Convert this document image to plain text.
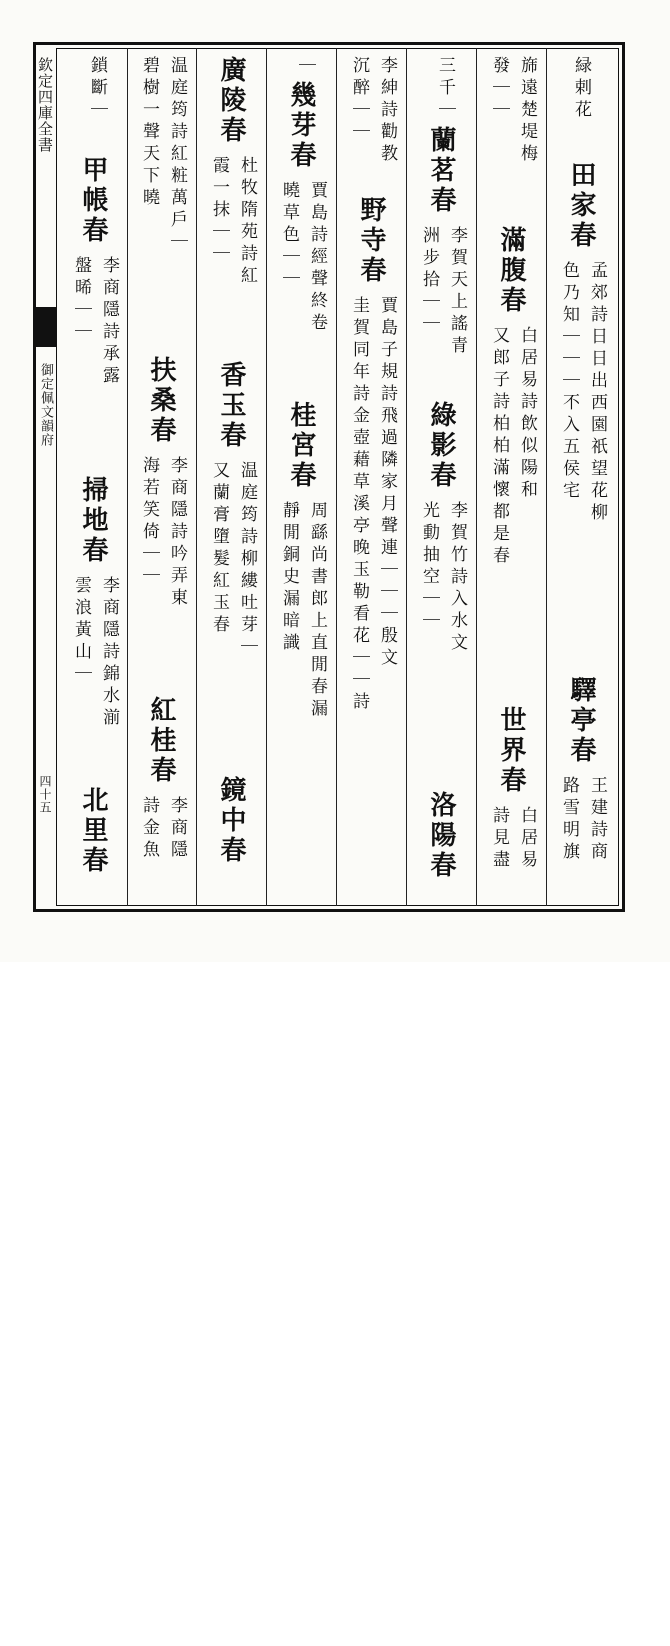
欽定四庫全書
御定佩文韻府
四十五
緑剌花
田家春
孟郊詩日日出西園祇望花柳
色乃知｜｜｜不入五侯宅
驛亭春
王建詩商
路雪明旗
旆遠楚堤梅
發｜｜
滿腹春
白居易詩飲似陽和
又郎子詩柏柏滿懷都是春
世界春
白居易
詩見盡
三千｜
蘭茗春
李賀天上謠青
洲步拾｜｜
綠影春
李賀竹詩入水文
光動抽空｜｜
洛陽春
李紳詩勸教
沉醉｜｜
野寺春
賈島子規詩飛過隣家月聲連｜｜｜殷文
圭賀同年詩金壺藉草溪亭晚玉勒看花｜｜詩
｜
幾芽春
賈島詩經聲終卷
曉草色｜｜
桂宮春
周繇尚書郎上直閒春漏
靜閒銅史漏暗識
廣陵春
杜牧隋苑詩紅
霞一抹｜｜
香玉春
温庭筠詩柳縷吐芽｜
又蘭膏墮髮紅玉春
鏡中春
温庭筠詩紅粧萬戶｜
碧樹一聲天下曉
扶桑春
李商隱詩吟弄東
海若笑倚｜｜
紅桂春
李商隱
詩金魚
鎖斷｜
甲帳春
李商隱詩承露
盤晞｜｜
掃地春
李商隱詩錦水湔
雲浪黃山｜
北里春
